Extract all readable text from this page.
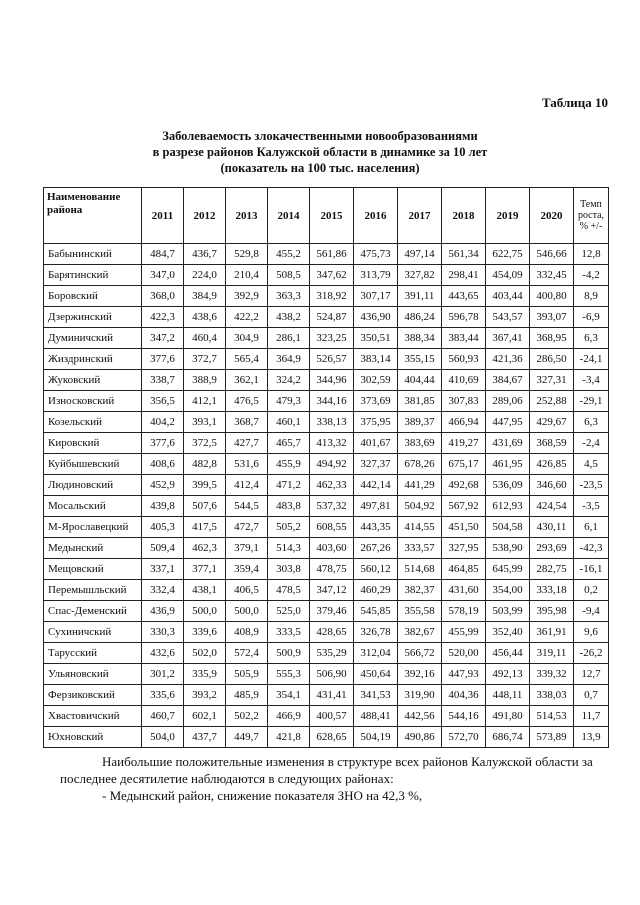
Таблица 10
Заболеваемость злокачественными новообразованиями
в разрезе районов Калужской области в динамике за 10 лет
(показатель на 100 тыс. населения)
Наименование района	2011	2012	2013	2014	2015	2016	2017	2018	2019	2020	Темп роста, % +/-
Бабынинский	484,7	436,7	529,8	455,2	561,86	475,73	497,14	561,34	622,75	546,66	12,8
Барятинский	347,0	224,0	210,4	508,5	347,62	313,79	327,82	298,41	454,09	332,45	-4,2
Боровский	368,0	384,9	392,9	363,3	318,92	307,17	391,11	443,65	403,44	400,80	8,9
Дзержинский	422,3	438,6	422,2	438,2	524,87	436,90	486,24	596,78	543,57	393,07	-6,9
Думиничский	347,2	460,4	304,9	286,1	323,25	350,51	388,34	383,44	367,41	368,95	6,3
Жиздринский	377,6	372,7	565,4	364,9	526,57	383,14	355,15	560,93	421,36	286,50	-24,1
Жуковский	338,7	388,9	362,1	324,2	344,96	302,59	404,44	410,69	384,67	327,31	-3,4
Износковский	356,5	412,1	476,5	479,3	344,16	373,69	381,85	307,83	289,06	252,88	-29,1
Козельский	404,2	393,1	368,7	460,1	338,13	375,95	389,37	466,94	447,95	429,67	6,3
Кировский	377,6	372,5	427,7	465,7	413,32	401,67	383,69	419,27	431,69	368,59	-2,4
Куйбышевский	408,6	482,8	531,6	455,9	494,92	327,37	678,26	675,17	461,95	426,85	4,5
Людиновский	452,9	399,5	412,4	471,2	462,33	442,14	441,29	492,68	536,09	346,60	-23,5
Мосальский	439,8	507,6	544,5	483,8	537,32	497,81	504,92	567,92	612,93	424,54	-3,5
М-Ярославецкий	405,3	417,5	472,7	505,2	608,55	443,35	414,55	451,50	504,58	430,11	6,1
Медынский	509,4	462,3	379,1	514,3	403,60	267,26	333,57	327,95	538,90	293,69	-42,3
Мещовский	337,1	377,1	359,4	303,8	478,75	560,12	514,68	464,85	645,99	282,75	-16,1
Перемышльский	332,4	438,1	406,5	478,5	347,12	460,29	382,37	431,60	354,00	333,18	0,2
Спас-Деменский	436,9	500,0	500,0	525,0	379,46	545,85	355,58	578,19	503,99	395,98	-9,4
Сухиничский	330,3	339,6	408,9	333,5	428,65	326,78	382,67	455,99	352,40	361,91	9,6
Тарусский	432,6	502,0	572,4	500,9	535,29	312,04	566,72	520,00	456,44	319,11	-26,2
Ульяновский	301,2	335,9	505,9	555,3	506,90	450,64	392,16	447,93	492,13	339,32	12,7
Ферзиковский	335,6	393,2	485,9	354,1	431,41	341,53	319,90	404,36	448,11	338,03	0,7
Хвастовичский	460,7	602,1	502,2	466,9	400,57	488,41	442,56	544,16	491,80	514,53	11,7
Юхновский	504,0	437,7	449,7	421,8	628,65	504,19	490,86	572,70	686,74	573,89	13,9

Наибольшие положительные изменения в структуре всех районов Калужской области за последнее десятилетие наблюдаются в следующих районах:

- Медынский район, снижение показателя ЗНО на 42,3 %,
